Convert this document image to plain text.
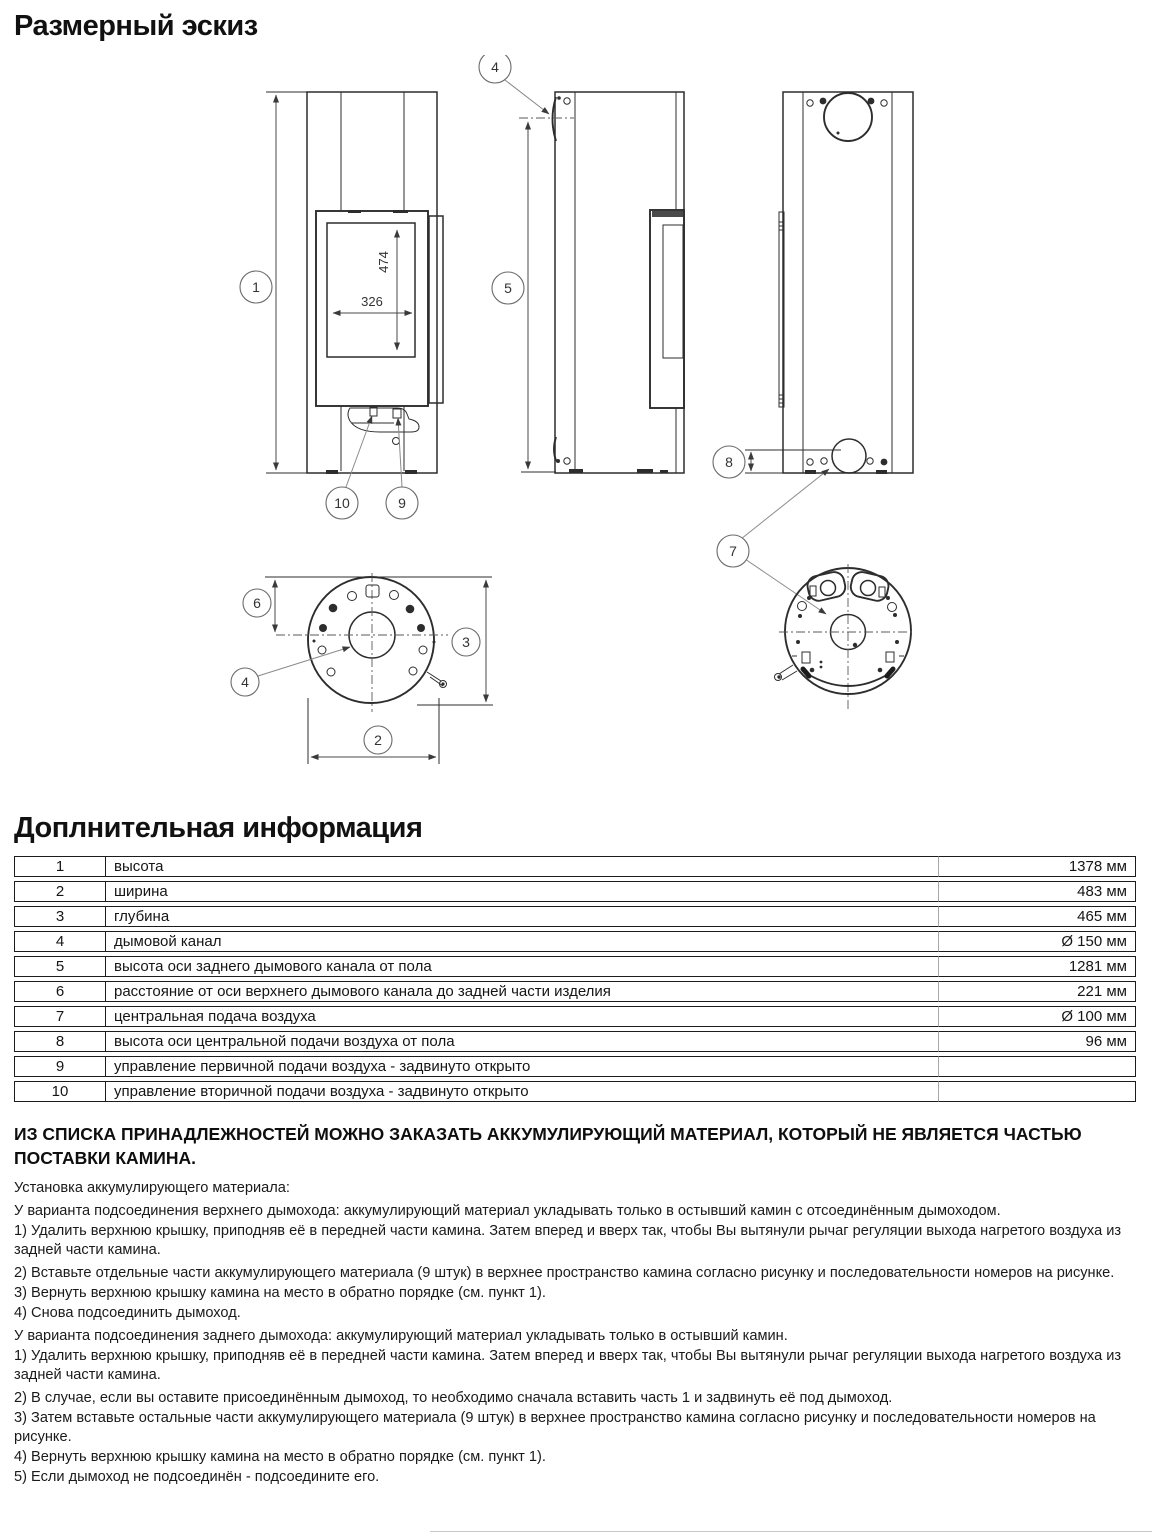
Размерный эскиз
1
474
326
10	9
5
4
8
7
6
3
2
4
Доплнительная информация
1	высота	1378 мм
2	ширина	483 мм
3	глубина	465 мм
4	дымовой канал	Ø 150 мм
5	высота оси заднего дымового канала от пола	1281 мм
6	расстояние от оси верхнего дымового канала до задней части изделия	221 мм
7	центральная подача воздуха	Ø 100 мм
8	высота оси центральной подачи воздуха от пола	96 мм
9	управление первичной подачи воздуха - задвинуто открыто	
10	управление вторичной подачи воздуха - задвинуто открыто	
ИЗ СПИСКА ПРИНАДЛЕЖНОСТЕЙ МОЖНО ЗАКАЗАТЬ АККУМУЛИРУЮЩИЙ МАТЕРИАЛ, КОТОРЫЙ НЕ ЯВЛЯЕТСЯ ЧАСТЬЮ ПОСТАВКИ КАМИНА.

Установка аккумулирующего материала:

У варианта подсоединения верхнего дымохода: аккумулирующий материал укладывать только в остывший камин с отсоединённым дымоходом.

1) Удалить верхнюю крышку, приподняв её в передней части камина. Затем вперед и вверх так, чтобы Вы вытянули рычаг регуляции выхода нагретого воздуха из задней части камина.

2) Вставьте отдельные части аккумулирующего материала (9 штук) в верхнее пространство камина согласно рисунку и последовательности номеров на рисунке.

3) Вернуть верхнюю крышку камина на место в обратно порядке (см. пункт 1).

4) Снова подсоединить дымоход.

У варианта подсоединения заднего дымохода: аккумулирующий материал укладывать только в остывший камин.

1) Удалить верхнюю крышку, приподняв её в передней части камина. Затем вперед и вверх так, чтобы Вы вытянули рычаг регуляции выхода нагретого воздуха из задней части камина.

2) В случае, если вы оставите присоединённым дымоход, то необходимо сначала вставить часть 1 и задвинуть её под дымоход.

3) Затем вставьте остальные части аккумулирующего материала (9 штук) в верхнее пространство камина согласно рисунку и последовательности номеров на рисунке.

4) Вернуть верхнюю крышку камина на место в обратно порядке (см. пункт 1).

5) Если дымоход не подсоединён - подсоедините его.
